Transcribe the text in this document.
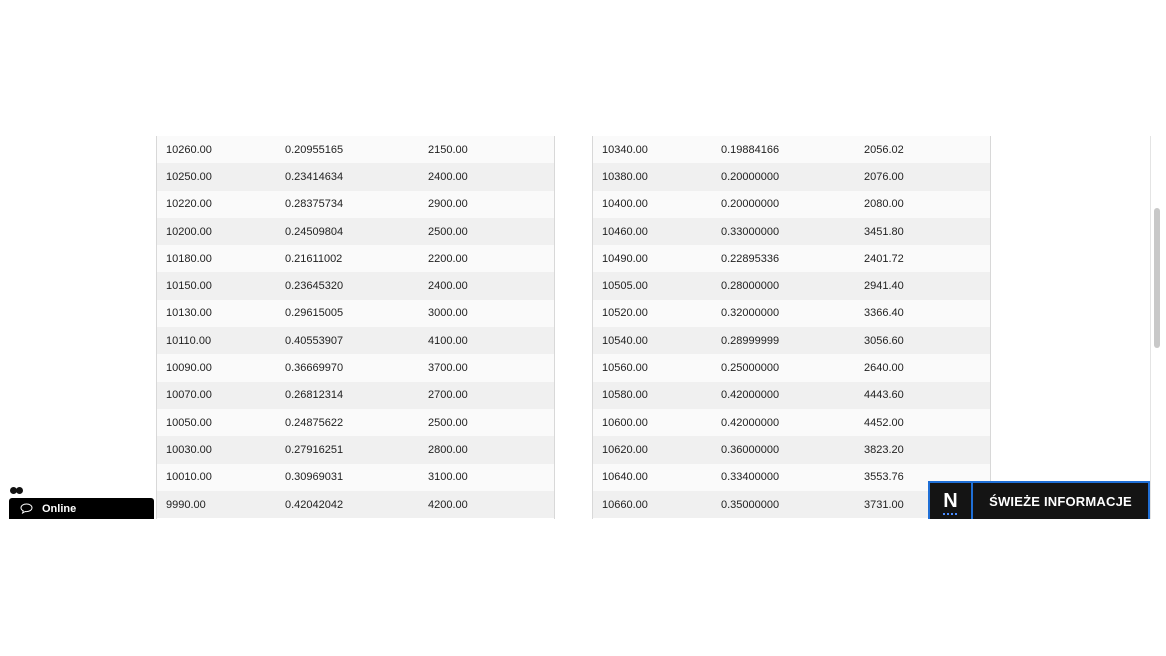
10260.00	0.20955165	2150.00
10250.00	0.23414634	2400.00
10220.00	0.28375734	2900.00
10200.00	0.24509804	2500.00
10180.00	0.21611002	2200.00
10150.00	0.23645320	2400.00
10130.00	0.29615005	3000.00
10110.00	0.40553907	4100.00
10090.00	0.36669970	3700.00
10070.00	0.26812314	2700.00
10050.00	0.24875622	2500.00
10030.00	0.27916251	2800.00
10010.00	0.30969031	3100.00
9990.00	0.42042042	4200.00
10340.00	0.19884166	2056.02
10380.00	0.20000000	2076.00
10400.00	0.20000000	2080.00
10460.00	0.33000000	3451.80
10490.00	0.22895336	2401.72
10505.00	0.28000000	2941.40
10520.00	0.32000000	3366.40
10540.00	0.28999999	3056.60
10560.00	0.25000000	2640.00
10580.00	0.42000000	4443.60
10600.00	0.42000000	4452.00
10620.00	0.36000000	3823.20
10640.00	0.33400000	3553.76
10660.00	0.35000000	3731.00
Online	N	ŚWIEŻE INFORMACJE
